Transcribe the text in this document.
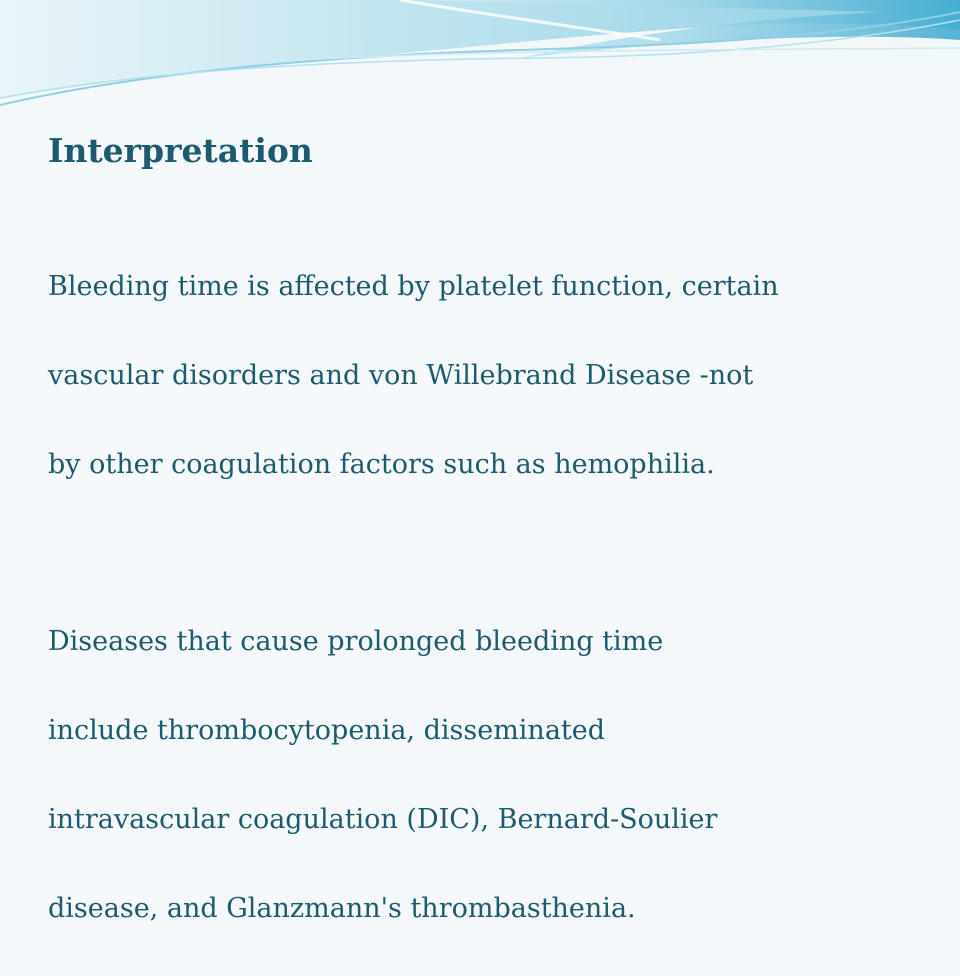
Interpretation

Bleeding time is affected by platelet function, certain

vascular disorders and von Willebrand Disease -not

by other coagulation factors such as hemophilia.

Diseases that cause prolonged bleeding time

include thrombocytopenia, disseminated

intravascular coagulation (DIC), Bernard-Soulier

disease, and Glanzmann's thrombasthenia.
